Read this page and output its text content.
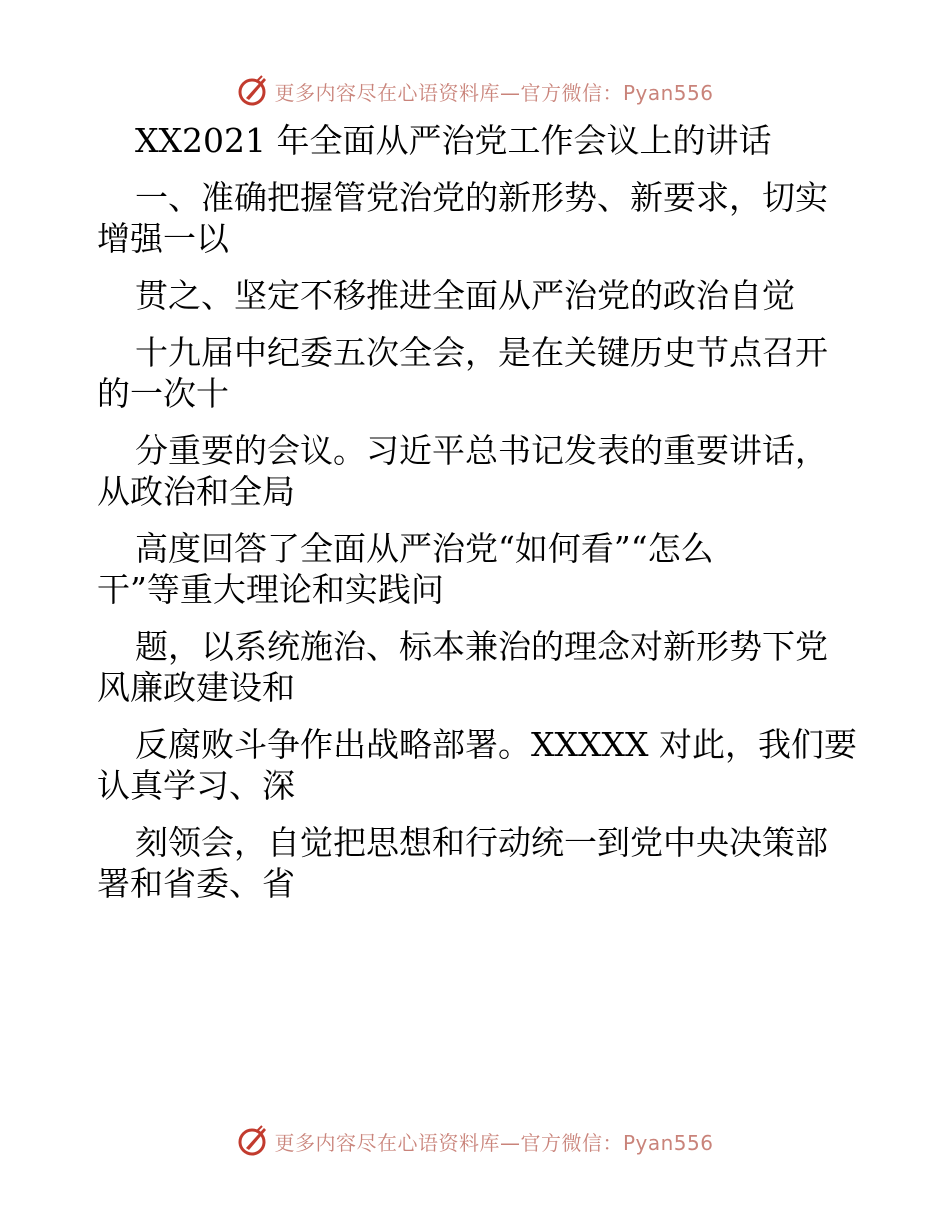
更多内容尽在心语资料库—官方微信：Pyan556
XX2021 年全面从严治党工作会议上的讲话
一、准确把握管党治党的新形势、新要求，切实
增强一以
贯之、坚定不移推进全面从严治党的政治自觉
十九届中纪委五次全会，是在关键历史节点召开
的一次十
分重要的会议。习近平总书记发表的重要讲话，
从政治和全局
高度回答了全面从严治党“如何看”“怎么
干”等重大理论和实践问
题，以系统施治、标本兼治的理念对新形势下党
风廉政建设和
反腐败斗争作出战略部署。XXXXX 对此，我们要
认真学习、深
刻领会，自觉把思想和行动统一到党中央决策部
署和省委、省
更多内容尽在心语资料库—官方微信：Pyan556
